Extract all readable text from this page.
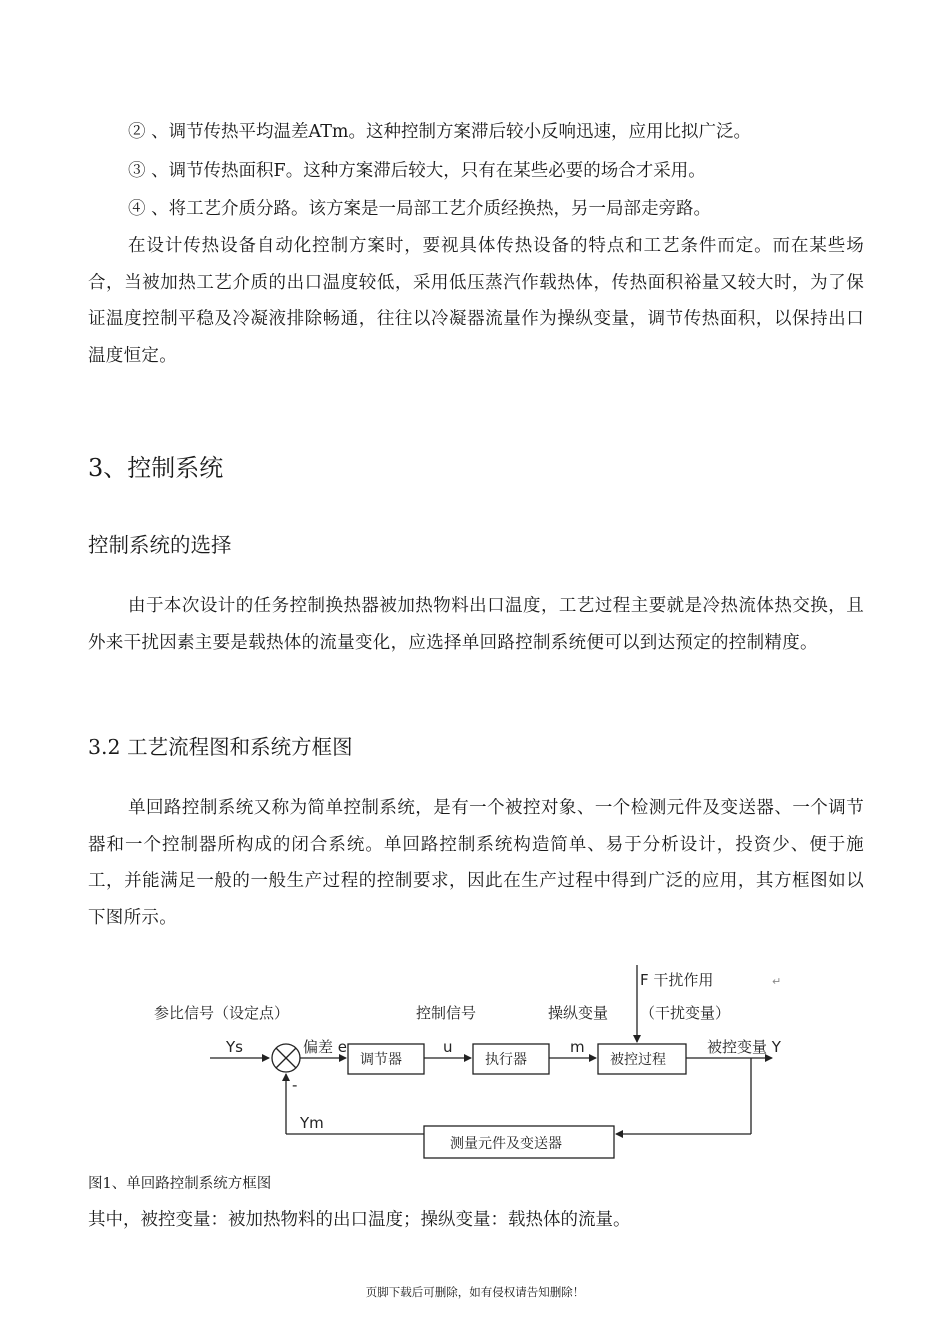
② 、调节传热平均温差ATm。这种控制方案滞后较小反响迅速，应用比拟广泛。
③ 、调节传热面积F。这种方案滞后较大，只有在某些必要的场合才采用。
④ 、将工艺介质分路。该方案是一局部工艺介质经换热，另一局部走旁路。
在设计传热设备自动化控制方案时，要视具体传热设备的特点和工艺条件而定。而在某些场合，当被加热工艺介质的出口温度较低，采用低压蒸汽作载热体，传热面积裕量又较大时，为了保证温度控制平稳及冷凝液排除畅通，往往以冷凝器流量作为操纵变量，调节传热面积，以保持出口温度恒定。
3、控制系统
控制系统的选择
由于本次设计的任务控制换热器被加热物料出口温度，工艺过程主要就是冷热流体热交换，且外来干扰因素主要是载热体的流量变化，应选择单回路控制系统便可以到达预定的控制精度。
3.2 工艺流程图和系统方框图
单回路控制系统又称为简单控制系统，是有一个被控对象、一个检测元件及变送器、一个调节器和一个控制器所构成的闭合系统。单回路控制系统构造简单、易于分析设计，投资少、便于施工，并能满足一般的一般生产过程的控制要求，因此在生产过程中得到广泛的应用，其方框图如以下图所示。
参比信号（设定点）	控制信号	操纵变量
F 干扰作用
（干扰变量）
Ys	偏差 e	u	m	被控变量 Y
-
Ym
调节器	执行器	被控过程
测量元件及变送器
↵
图1、单回路控制系统方框图
其中，被控变量：被加热物料的出口温度；操纵变量：载热体的流量。
页脚下载后可删除，如有侵权请告知删除！
